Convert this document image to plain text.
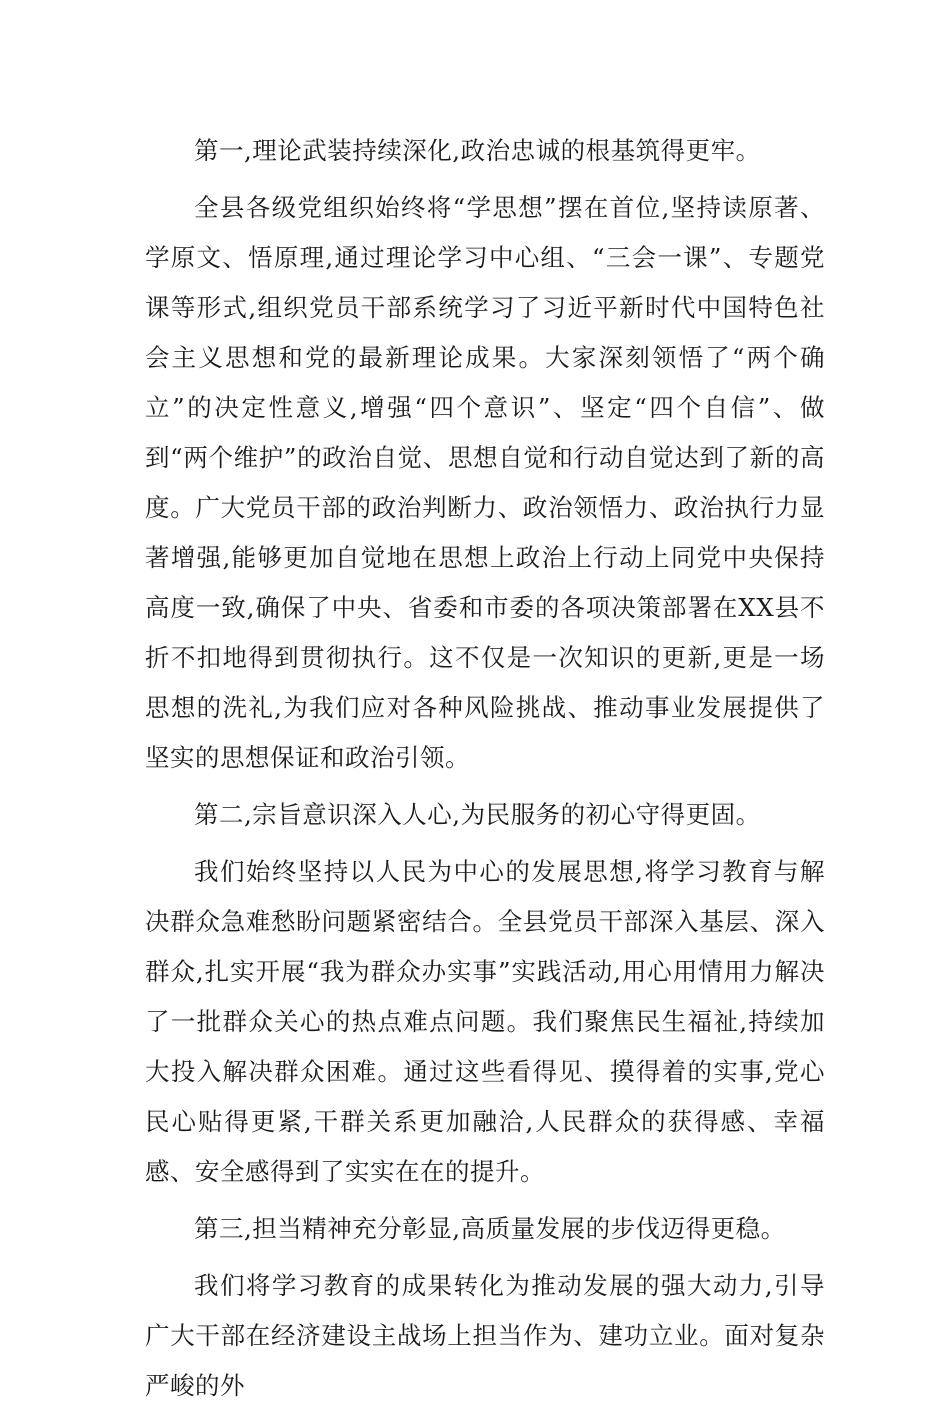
第一,理论武装持续深化,政治忠诚的根基筑得更牢。

全县各级党组织始终将“学思想”摆在首位,坚持读原著、学原文、悟原理,通过理论学习中心组、“三会一课”、专题党课等形式,组织党员干部系统学习了习近平新时代中国特色社会主义思想和党的最新理论成果。大家深刻领悟了“两个确立”的决定性意义,增强“四个意识”、坚定“四个自信”、做到“两个维护”的政治自觉、思想自觉和行动自觉达到了新的高度。广大党员干部的政治判断力、政治领悟力、政治执行力显著增强,能够更加自觉地在思想上政治上行动上同党中央保持高度一致,确保了中央、省委和市委的各项决策部署在XX县不折不扣地得到贯彻执行。这不仅是一次知识的更新,更是一场思想的洗礼,为我们应对各种风险挑战、推动事业发展提供了坚实的思想保证和政治引领。

第二,宗旨意识深入人心,为民服务的初心守得更固。

我们始终坚持以人民为中心的发展思想,将学习教育与解决群众急难愁盼问题紧密结合。全县党员干部深入基层、深入群众,扎实开展“我为群众办实事”实践活动,用心用情用力解决了一批群众关心的热点难点问题。我们聚焦民生福祉,持续加大投入解决群众困难。通过这些看得见、摸得着的实事,党心民心贴得更紧,干群关系更加融洽,人民群众的获得感、幸福感、安全感得到了实实在在的提升。

第三,担当精神充分彰显,高质量发展的步伐迈得更稳。

我们将学习教育的成果转化为推动发展的强大动力,引导广大干部在经济建设主战场上担当作为、建功立业。面对复杂严峻的外
